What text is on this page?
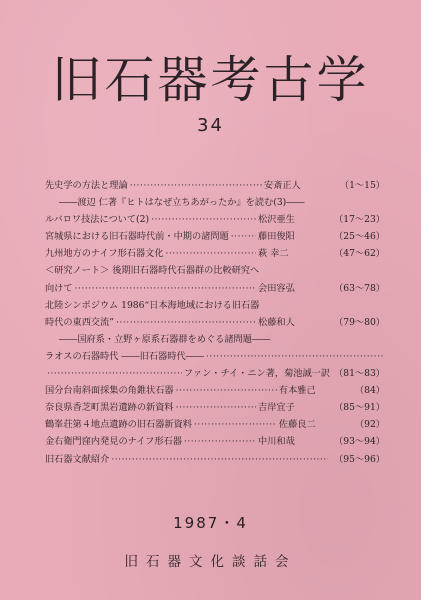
旧石器考古学
34
先史学の方法と理論 ·····	安斎正人	（1～15）
――渡辺 仁著『ヒトはなぜ立ちあがったか』を読む(3)――
ルバロワ技法について(2) ·····	松沢亜生	（17～23）
宮城県における旧石器時代前・中期の諸問題 ·····	藤田俊阳	（25～46）
九州地方のナイフ形石器文化 ·····	萩 幸二	（47～62）
＜研究ノート＞ 後期旧石器時代石器群の比較研究へ
向けて ·····	会田容弘	（63～78）
北陸シンポジウム 1986“日本海地域における旧石器
時代の東西交流” ·····	松藤和人	（79～80）
――国府系・立野ヶ原系石器群をめぐる諸問題――
ラオスの石器時代 ――旧石器時代――
·····
·····
ファン・チイ・ニン著，菊池誠一訳 （81～83）
国分台南斜面採集の角錐状石器 ·····	有本雅己	（84）
奈良県香芝町黒岩遺跡の新資料 ·····	吉岸宜子	（85～91）
鶴峯荘第４地点遺跡の旧石器新資料 ·····	佐藤良二	（92）
金右衛門窪内発見のナイフ形石器 ·····	中川和哉	（93～94）
旧石器文献紹介 ·····	（95～96）
1987・4
旧石器文化談話会
